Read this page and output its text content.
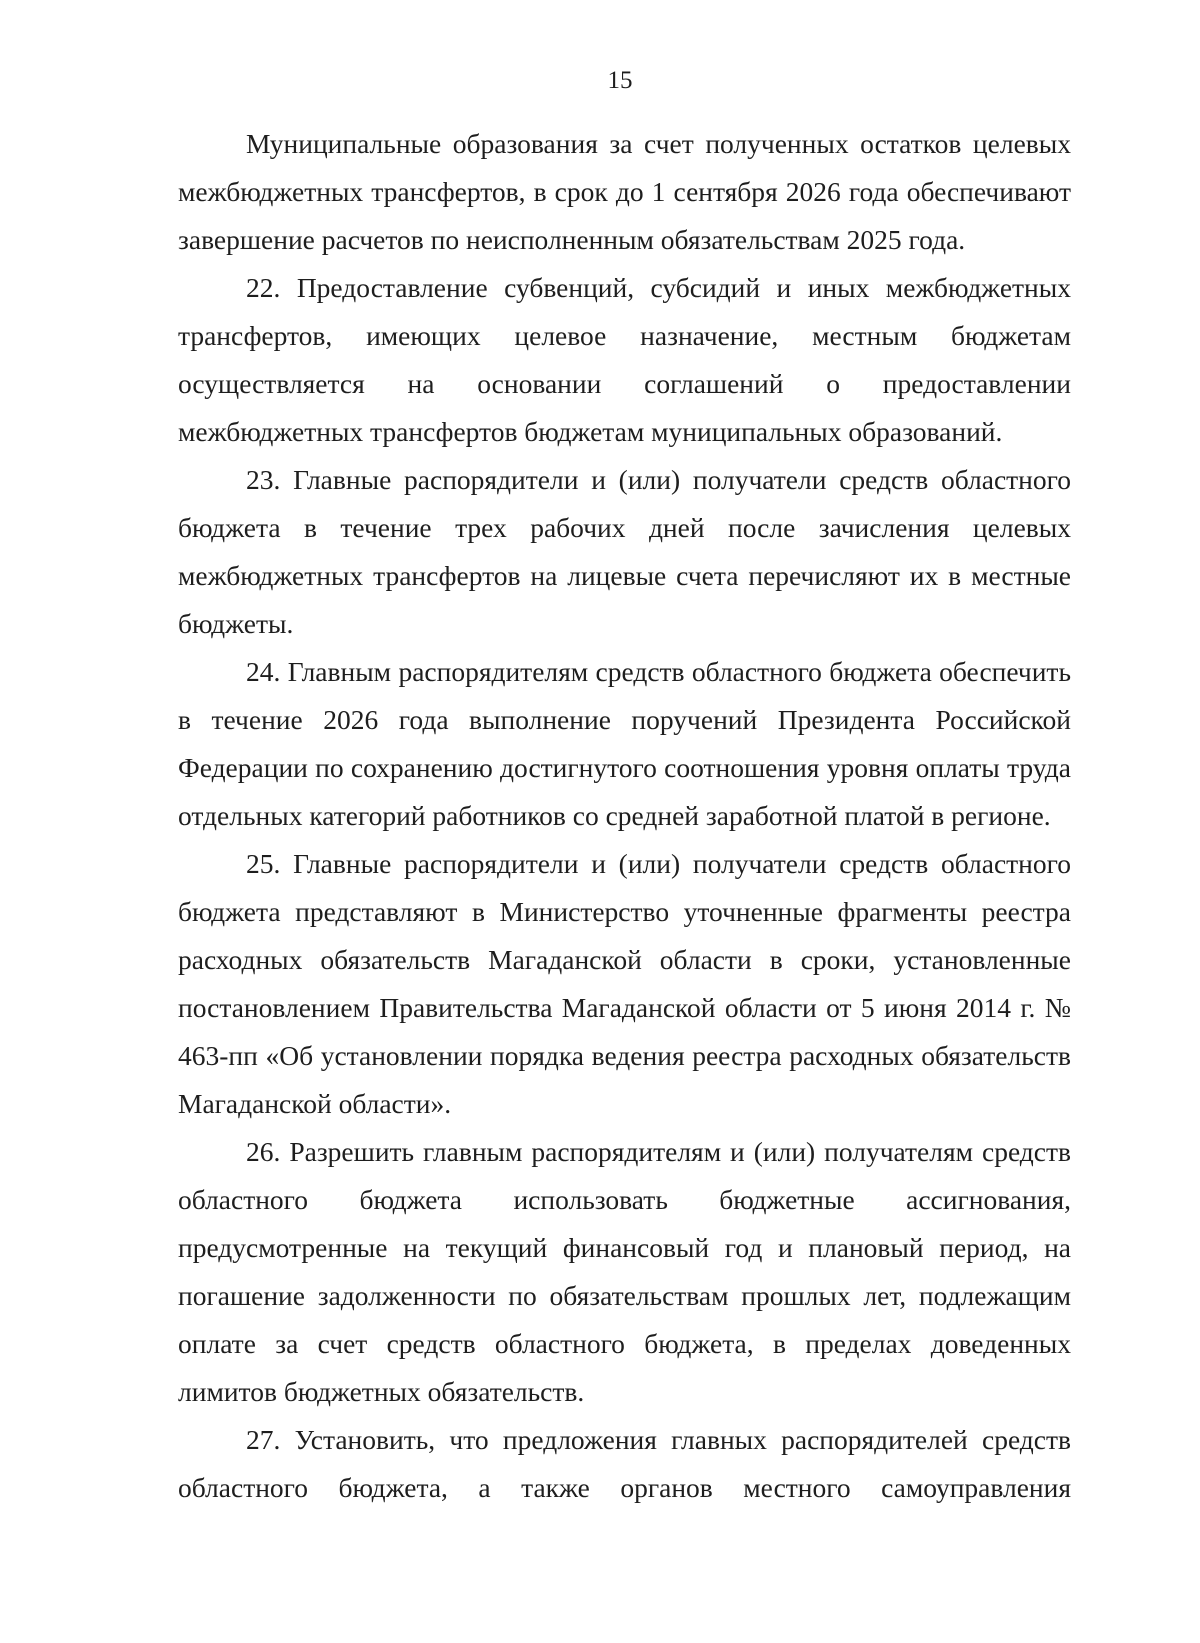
15

Муниципальные образования за счет полученных остатков целевых межбюджетных трансфертов, в срок до 1 сентября 2026 года обеспечивают завершение расчетов по неисполненным обязательствам 2025 года.

22. Предоставление субвенций, субсидий и иных межбюджетных трансфертов, имеющих целевое назначение, местным бюджетам осуществляется на основании соглашений о предоставлении межбюджетных трансфертов бюджетам муниципальных образований.

23. Главные распорядители и (или) получатели средств областного бюджета в течение трех рабочих дней после зачисления целевых межбюджетных трансфертов на лицевые счета перечисляют их в местные бюджеты.

24. Главным распорядителям средств областного бюджета обеспечить в течение 2026 года выполнение поручений Президента Российской Федерации по сохранению достигнутого соотношения уровня оплаты труда отдельных категорий работников со средней заработной платой в регионе.

25. Главные распорядители и (или) получатели средств областного бюджета представляют в Министерство уточненные фрагменты реестра расходных обязательств Магаданской области в сроки, установленные постановлением Правительства Магаданской области от 5 июня 2014 г. № 463-пп «Об установлении порядка ведения реестра расходных обязательств Магаданской области».

26. Разрешить главным распорядителям и (или) получателям средств областного бюджета использовать бюджетные ассигнования, предусмотренные на текущий финансовый год и плановый период, на погашение задолженности по обязательствам прошлых лет, подлежащим оплате за счет средств областного бюджета, в пределах доведенных лимитов бюджетных обязательств.

27. Установить, что предложения главных распорядителей средств областного бюджета, а также органов местного самоуправления
